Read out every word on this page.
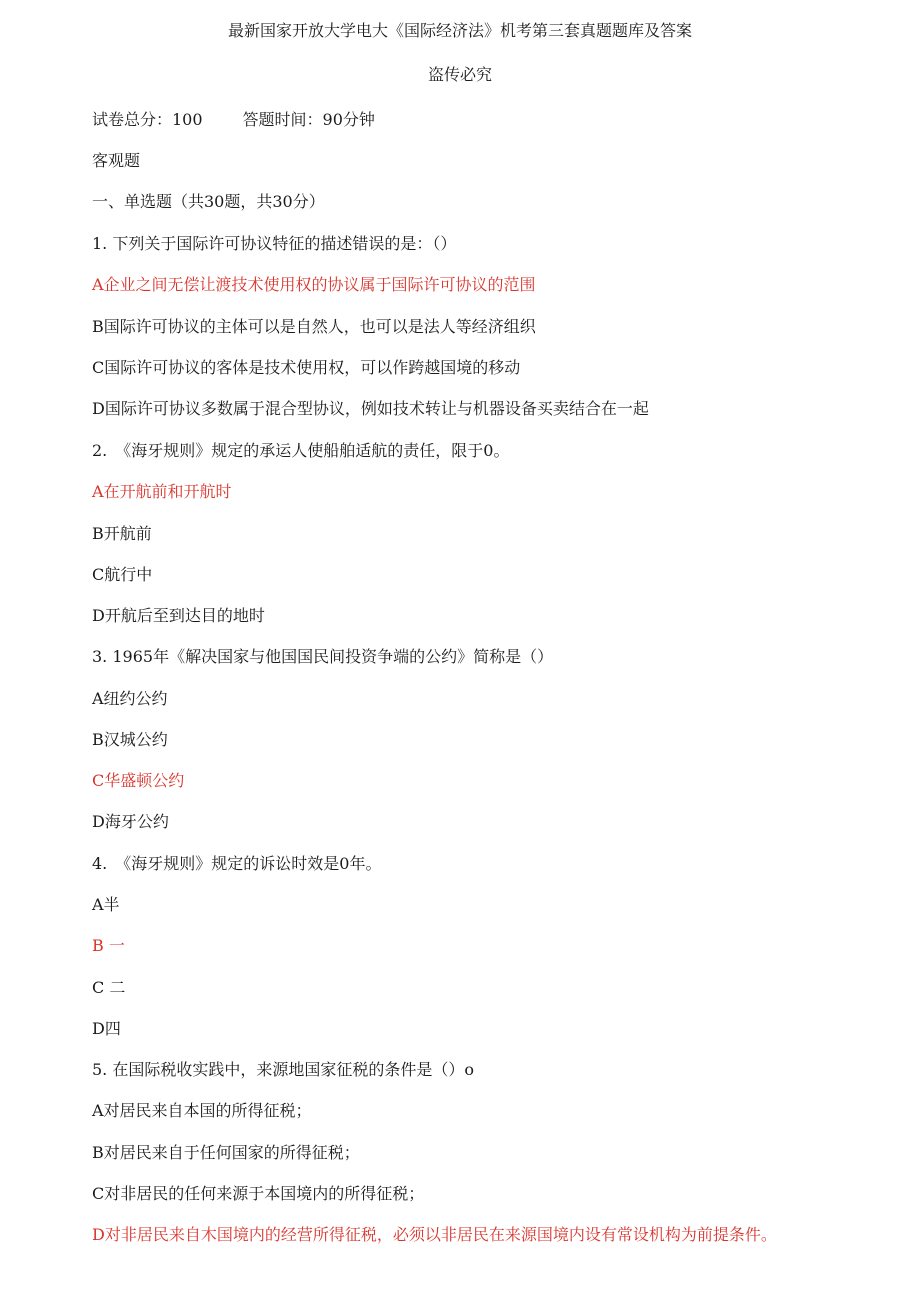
最新国家开放大学电大《国际经济法》机考第三套真题题库及答案
盗传必究
试卷总分：100	答题时间：90分钟
客观题
一、单选题（共30题，共30分）
1. 下列关于国际许可协议特征的描述错误的是：（）
A企业之间无偿让渡技术使用权的协议属于国际许可协议的范围
B国际许可协议的主体可以是自然人，也可以是法人等经济组织
C国际许可协议的客体是技术使用权，可以作跨越国境的移动
D国际许可协议多数属于混合型协议，例如技术转让与机器设备买卖结合在一起
2.　《海牙规则》规定的承运人使船舶适航的责任，限于0。
A在开航前和开航时
B开航前
C航行中
D开航后至到达目的地时
3. 1965年《解决国家与他国国民间投资争端的公约》简称是（）
A纽约公约
B汉城公约
C华盛顿公约
D海牙公约
4.　《海牙规则》规定的诉讼时效是0年。
A半
B 一
C 二
D四
5. 在国际税收实践中，来源地国家征税的条件是（）o
A对居民来自本国的所得征税；
B对居民来自于任何国家的所得征税；
C对非居民的任何来源于本国境内的所得征税；
D对非居民来自木国境内的经营所得征税，必须以非居民在来源国境内设有常设机构为前提条件。
